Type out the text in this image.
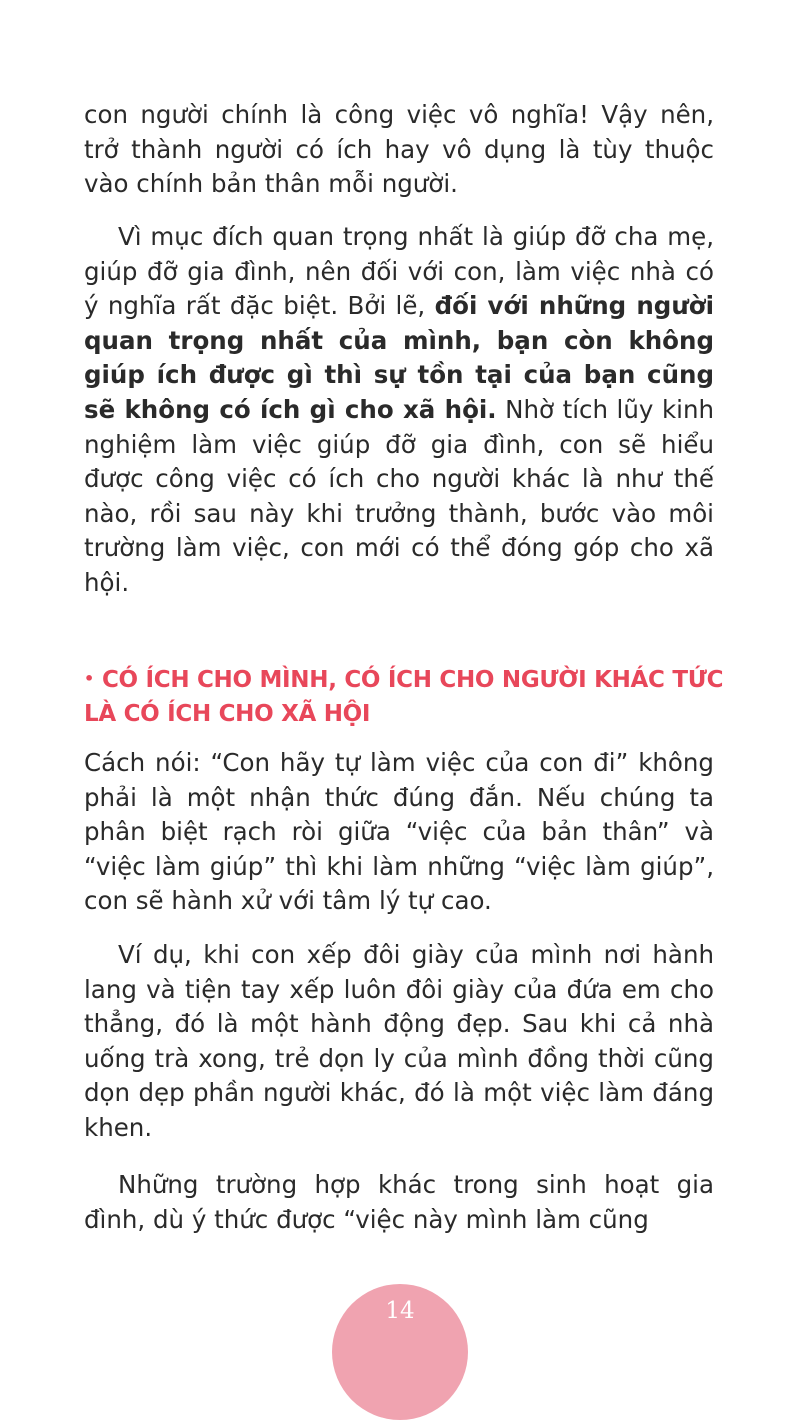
con người chính là công việc vô nghĩa! Vậy nên, trở thành người có ích hay vô dụng là tùy thuộc vào chính bản thân mỗi người.

Vì mục đích quan trọng nhất là giúp đỡ cha mẹ, giúp đỡ gia đình, nên đối với con, làm việc nhà có ý nghĩa rất đặc biệt. Bởi lẽ, đối với những người quan trọng nhất của mình, bạn còn không giúp ích được gì thì sự tồn tại của bạn cũng sẽ không có ích gì cho xã hội. Nhờ tích lũy kinh nghiệm làm việc giúp đỡ gia đình, con sẽ hiểu được công việc có ích cho người khác là như thế nào, rồi sau này khi trưởng thành, bước vào môi trường làm việc, con mới có thể đóng góp cho xã hội.

• CÓ ÍCH CHO MÌNH, CÓ ÍCH CHO NGƯỜI KHÁC TỨC LÀ CÓ ÍCH CHO XÃ HỘI

Cách nói: “Con hãy tự làm việc của con đi” không phải là một nhận thức đúng đắn. Nếu chúng ta phân biệt rạch ròi giữa “việc của bản thân” và “việc làm giúp” thì khi làm những “việc làm giúp”, con sẽ hành xử với tâm lý tự cao.

Ví dụ, khi con xếp đôi giày của mình nơi hành lang và tiện tay xếp luôn đôi giày của đứa em cho thẳng, đó là một hành động đẹp. Sau khi cả nhà uống trà xong, trẻ dọn ly của mình đồng thời cũng dọn dẹp phần người khác, đó là một việc làm đáng khen.

Những trường hợp khác trong sinh hoạt gia đình, dù ý thức được “việc này mình làm cũng

14
